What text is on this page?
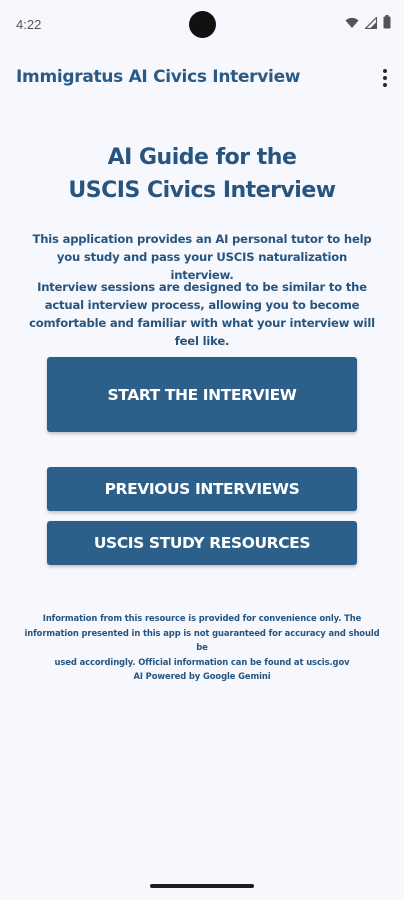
4:22
Immigratus AI Civics Interview
AI Guide for the
USCIS Civics Interview
This application provides an AI personal tutor to help you study and pass your USCIS naturalization interview.
Interview sessions are designed to be similar to the actual interview process, allowing you to become comfortable and familiar with what your interview will feel like.
START THE INTERVIEW
PREVIOUS INTERVIEWS
USCIS STUDY RESOURCES
Information from this resource is provided for convenience only. The
information presented in this app is not guaranteed for accuracy and should be
used accordingly. Official information can be found at uscis.gov
AI Powered by Google Gemini
